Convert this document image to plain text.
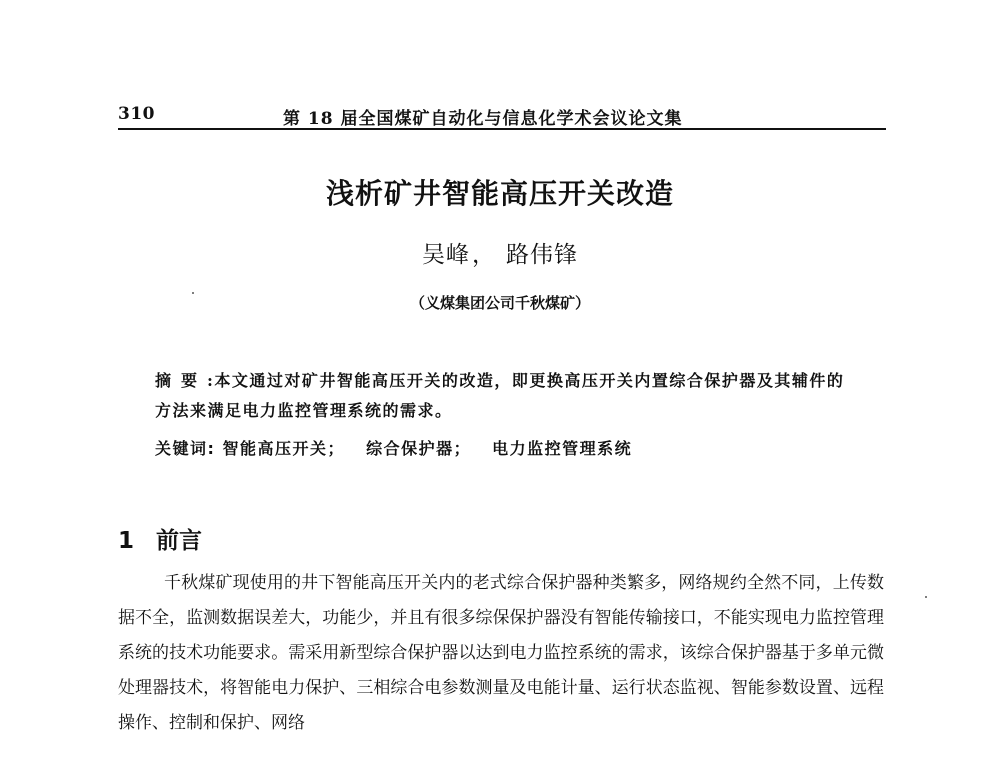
310	第 18 届全国煤矿自动化与信息化学术会议论文集
浅析矿井智能高压开关改造
吴峰， 路伟锋
（义煤集团公司千秋煤矿）
摘要:本文通过对矿井智能高压开关的改造，即更换高压开关内置综合保护器及其辅件的方法来满足电力监控管理系统的需求。
关键词: 智能高压开关； 综合保护器； 电力监控管理系统
1 前言
千秋煤矿现使用的井下智能高压开关内的老式综合保护器种类繁多，网络规约全然不同，上传数据不全，监测数据误差大，功能少，并且有很多综保保护器没有智能传输接口，不能实现电力监控管理系统的技术功能要求。需采用新型综合保护器以达到电力监控系统的需求，该综合保护器基于多单元微处理器技术，将智能电力保护、三相综合电参数测量及电能计量、运行状态监视、智能参数设置、远程操作、控制和保护、网络
